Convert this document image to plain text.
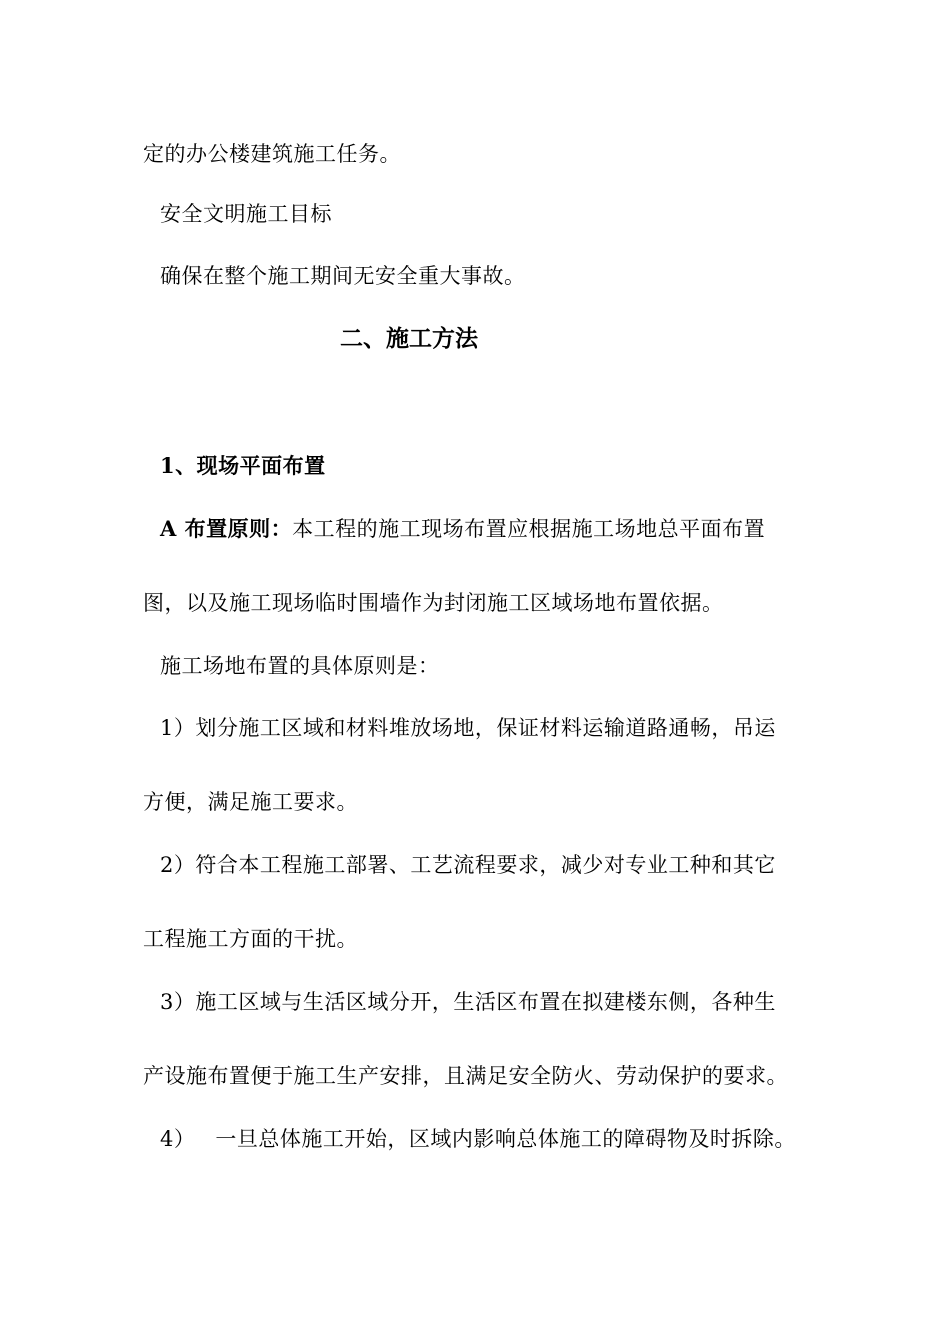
定的办公楼建筑施工任务。
安全文明施工目标
确保在整个施工期间无安全重大事故。
二、施工方法
1、现场平面布置
A 布置原则：本工程的施工现场布置应根据施工场地总平面布置
图，以及施工现场临时围墙作为封闭施工区域场地布置依据。
施工场地布置的具体原则是：
1）划分施工区域和材料堆放场地，保证材料运输道路通畅，吊运
方便，满足施工要求。
2）符合本工程施工部署、工艺流程要求，减少对专业工种和其它
工程施工方面的干扰。
3）施工区域与生活区域分开，生活区布置在拟建楼东侧，各种生
产设施布置便于施工生产安排，且满足安全防火、劳动保护的要求。
4） 一旦总体施工开始，区域内影响总体施工的障碍物及时拆除。
